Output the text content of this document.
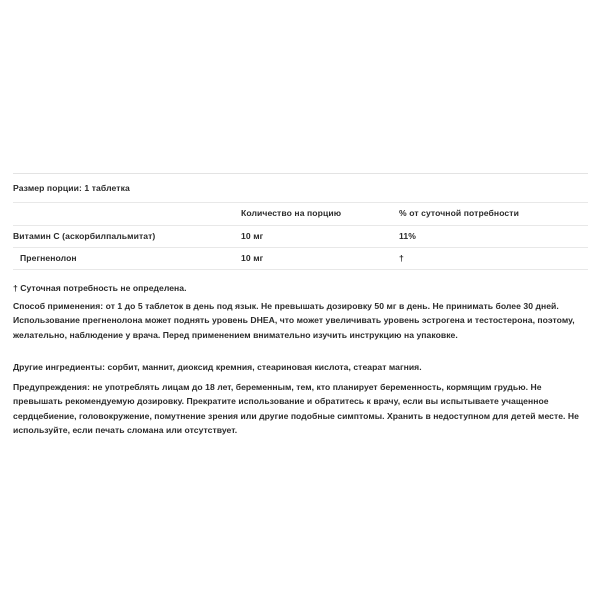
Размер порции: 1 таблетка		
	Количество на порцию	% от суточной потребности
Витамин С (аскорбилпальмитат)	10 мг	11%
Прегненолон	10 мг	†

† Суточная потребность не определена.

Способ применения: от 1 до 5 таблеток в день под язык. Не превышать дозировку 50 мг в день. Не принимать более 30 дней. Использование прегненолона может поднять уровень DHEA, что может увеличивать уровень эстрогена и тестостерона, поэтому, желательно, наблюдение у врача. Перед применением внимательно изучить инструкцию на упаковке.

Другие ингредиенты: сорбит, маннит, диоксид кремния, стеариновая кислота, стеарат магния.

Предупреждения: не употреблять лицам до 18 лет, беременным, тем, кто планирует беременность, кормящим грудью. Не превышать рекомендуемую дозировку. Прекратите использование и обратитесь к врачу, если вы испытываете учащенное сердцебиение, головокружение, помутнение зрения или другие подобные симптомы. Хранить в недоступном для детей месте. Не используйте, если печать сломана или отсутствует.
